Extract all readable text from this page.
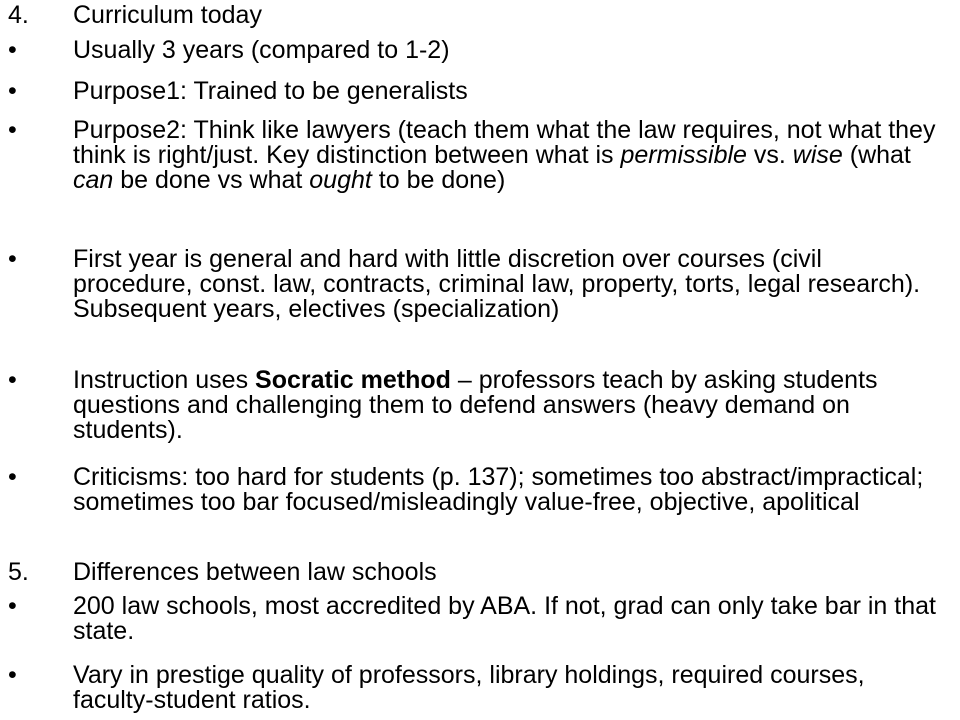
4. Curriculum today
• Usually 3 years (compared to 1-2)
• Purpose1: Trained to be generalists
• Purpose2: Think like lawyers (teach them what the law requires, not what they think is right/just. Key distinction between what is permissible vs. wise (what can be done vs what ought to be done)
• First year is general and hard with little discretion over courses (civil procedure, const. law, contracts, criminal law, property, torts, legal research). Subsequent years, electives (specialization)
• Instruction uses Socratic method – professors teach by asking students questions and challenging them to defend answers (heavy demand on students).
• Criticisms: too hard for students (p. 137); sometimes too abstract/impractical; sometimes too bar focused/misleadingly value-free, objective, apolitical
5. Differences between law schools
• 200 law schools, most accredited by ABA. If not, grad can only take bar in that state.
• Vary in prestige quality of professors, library holdings, required courses, faculty-student ratios.
